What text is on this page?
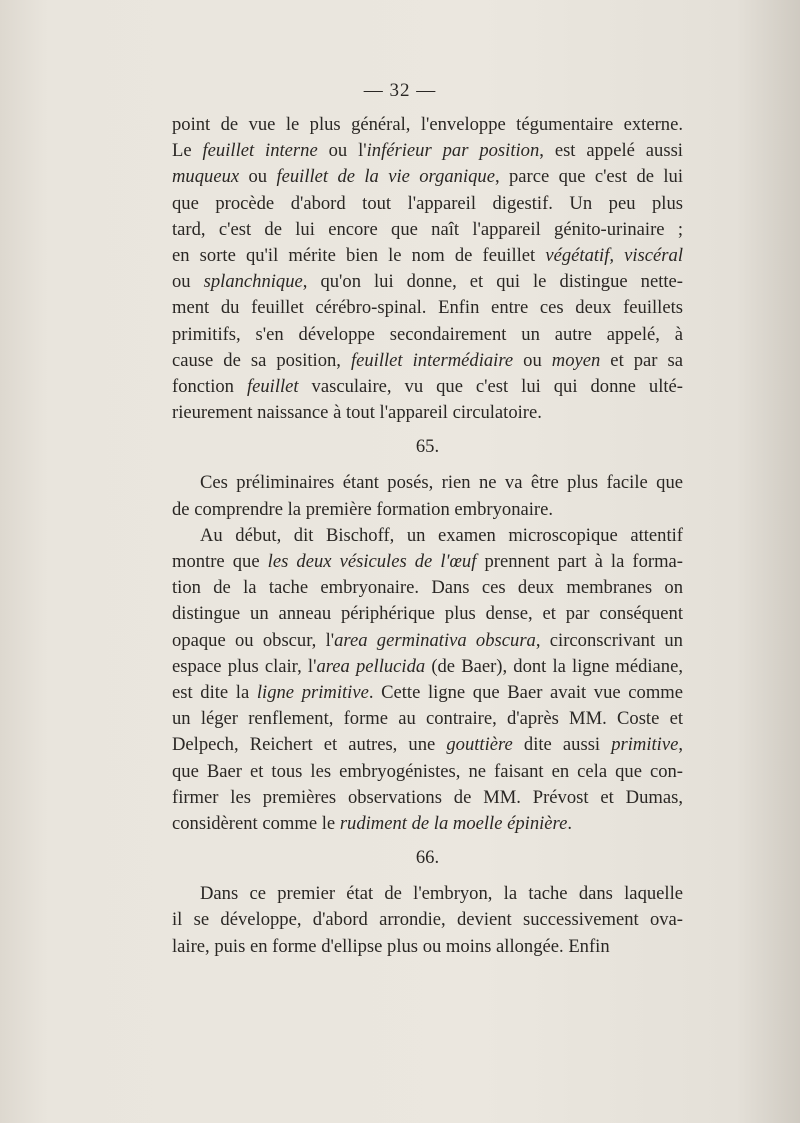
— 32 —
point de vue le plus général, l'enveloppe tégumentaire externe.
Le feuillet interne ou l'inférieur par position, est appelé aussi
muqueux ou feuillet de la vie organique, parce que c'est de lui
que procède d'abord tout l'appareil digestif. Un peu plus
tard, c'est de lui encore que naît l'appareil génito-urinaire ;
en sorte qu'il mérite bien le nom de feuillet végétatif, viscéral
ou splanchnique, qu'on lui donne, et qui le distingue nette-
ment du feuillet cérébro-spinal. Enfin entre ces deux feuillets
primitifs, s'en développe secondairement un autre appelé, à
cause de sa position, feuillet intermédiaire ou moyen et par sa
fonction feuillet vasculaire, vu que c'est lui qui donne ulté-
rieurement naissance à tout l'appareil circulatoire.
65.
Ces préliminaires étant posés, rien ne va être plus facile que
de comprendre la première formation embryonaire.
Au début, dit Bischoff, un examen microscopique attentif
montre que les deux vésicules de l'œuf prennent part à la forma-
tion de la tache embryonaire. Dans ces deux membranes on
distingue un anneau périphérique plus dense, et par conséquent
opaque ou obscur, l'area germinativa obscura, circonscrivant un
espace plus clair, l'area pellucida (de Baer), dont la ligne médiane,
est dite la ligne primitive. Cette ligne que Baer avait vue comme
un léger renflement, forme au contraire, d'après MM. Coste et
Delpech, Reichert et autres, une gouttière dite aussi primitive,
que Baer et tous les embryogénistes, ne faisant en cela que con-
firmer les premières observations de MM. Prévost et Dumas,
considèrent comme le rudiment de la moelle épinière.
66.
Dans ce premier état de l'embryon, la tache dans laquelle
il se développe, d'abord arrondie, devient successivement ova-
laire, puis en forme d'ellipse plus ou moins allongée. Enfin
